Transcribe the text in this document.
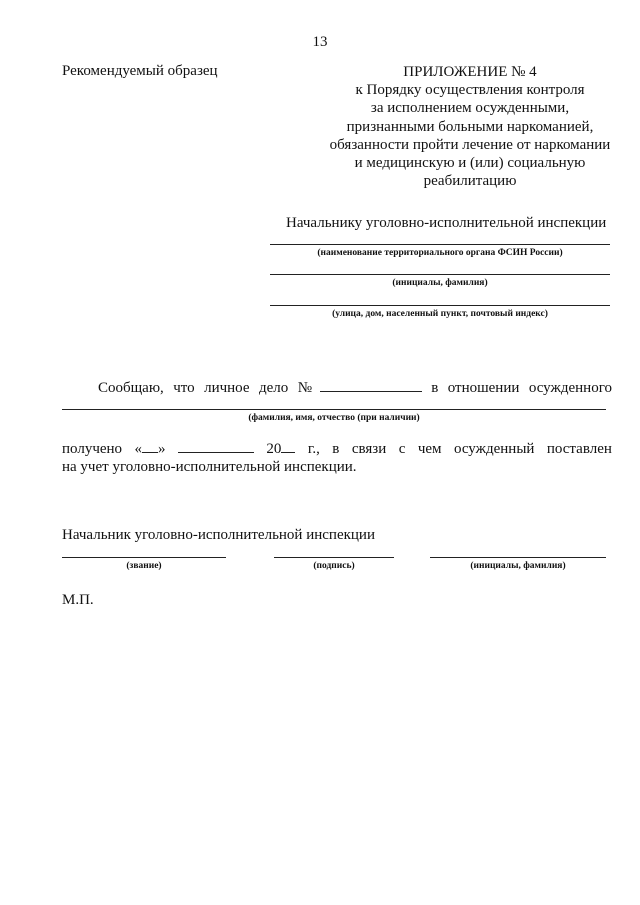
13
Рекомендуемый образец	ПРИЛОЖЕНИЕ № 4
к Порядку осуществления контроля
за исполнением осужденными,
признанными больными наркоманией,
обязанности пройти лечение от наркомании
и медицинскую и (или) социальную
реабилитацию
Начальнику уголовно-исполнительной инспекции
(наименование территориального органа ФСИН России)
(инициалы, фамилия)
(улица, дом, населенный пункт, почтовый индекс)
Сообщаю, что личное дело №	в отношении осужденного
(фамилия, имя, отчество (при наличии)
получено « »	20	г., в связи с чем осужденный поставлен
на учет уголовно-исполнительной инспекции.
Начальник уголовно-исполнительной инспекции
(звание)	(подпись)	(инициалы, фамилия)
М.П.
